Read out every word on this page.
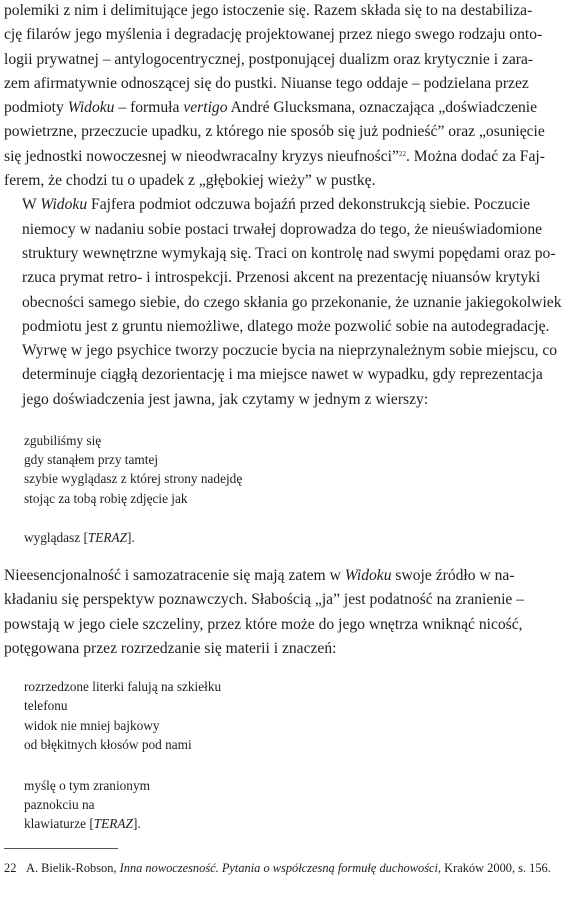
polemiki z nim i delimitujące jego istoczenie się. Razem składa się to na destabiliza-
cję filarów jego myślenia i degradację projektowanej przez niego swego rodzaju onto-
logii prywatnej – antylogocentrycznej, postponującej dualizm oraz krytycznie i zara-
zem afirmatywnie odnoszącej się do pustki. Niuanse tego oddaje – podzielana przez
podmioty Widoku – formuła vertigo André Glucksmana, oznaczająca „doświadczenie
powietrzne, przeczucie upadku, z którego nie sposób się już podnieść” oraz „osunięcie
się jednostki nowoczesnej w nieodwracalny kryzys nieufności”$^{22}$. Można dodać za Faj-
ferem, że chodzi tu o upadek z „głębokiej wieży” w pustkę.

W Widoku Fajfera podmiot odczuwa bojaźń przed dekonstrukcją siebie. Poczucie
niemocy w nadaniu sobie postaci trwałej doprowadza do tego, że nieuświadomione
struktury wewnętrzne wymykają się. Traci on kontrolę nad swymi popędami oraz po-
rzuca prymat retro- i introspekcji. Przenosi akcent na prezentację niuansów krytyki
obecności samego siebie, do czego skłania go przekonanie, że uznanie jakiegokolwiek
podmiotu jest z gruntu niemożliwe, dlatego może pozwolić sobie na autodegradację.
Wyrwę w jego psychice tworzy poczucie bycia na nieprzynależnym sobie miejscu, co
determinuje ciągłą dezorientację i ma miejsce nawet w wypadku, gdy reprezentacja
jego doświadczenia jest jawna, jak czytamy w jednym z wierszy:

zgubiliśmy się
gdy stanąłem przy tamtej
szybie wyglądasz z której strony nadejdę
stojąc za tobą robię zdjęcie jak

wyglądasz [TERAZ].

Nieesencjonalność i samozatracenie się mają zatem w Widoku swoje źródło w na-
kładaniu się perspektyw poznawczych. Słabością „ja” jest podatność na zranienie –
powstają w jego ciele szczeliny, przez które może do jego wnętrza wniknąć nicość,
potęgowana przez rozrzedzanie się materii i znaczeń:

rozrzedzone literki falują na szkiełku
telefonu
widok nie mniej bajkowy
od błękitnych kłosów pod nami

myślę o tym zranionym
paznokciu na
klawiaturze [TERAZ].

22 A. Bielik-Robson, Inna nowoczesność. Pytania o współczesną formułę duchowości, Kraków 2000, s. 156.
